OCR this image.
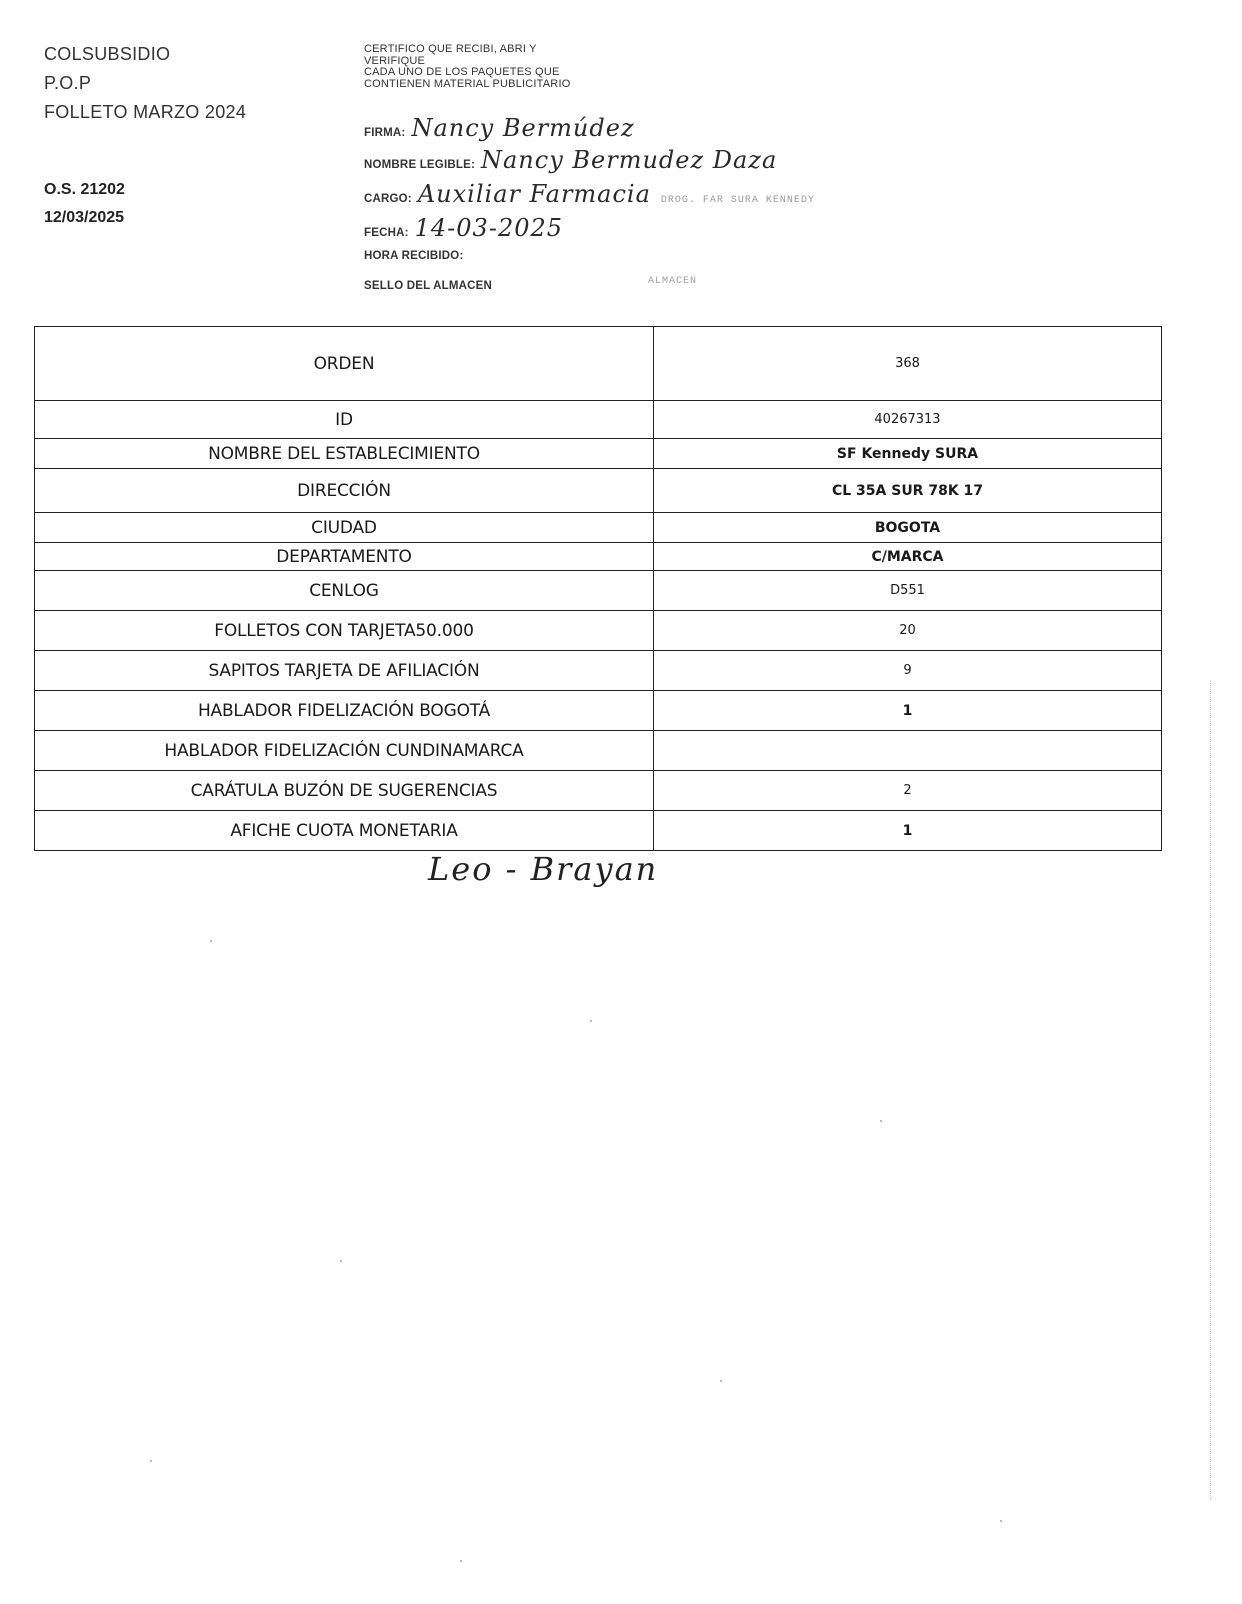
COLSUBSIDIO
P.O.P
FOLLETO MARZO 2024
O.S. 21202
12/03/2025
CERTIFICO QUE RECIBI, ABRI Y
VERIFIQUE
CADA UNO DE LOS PAQUETES QUE
CONTIENEN MATERIAL PUBLICITARIO
FIRMA: Nancy Bermúdez
NOMBRE LEGIBLE: Nancy Bermudez Daza
CARGO: Auxiliar Farmacia DROG. FAR SURA KENNEDY
FECHA: 14-03-2025
HORA RECIBIDO:
SELLO DEL ALMACEN	ALMACEN
ORDEN	368
ID	40267313
NOMBRE DEL ESTABLECIMIENTO	SF Kennedy SURA
DIRECCIÓN	CL 35A SUR 78K 17
CIUDAD	BOGOTA
DEPARTAMENTO	C/MARCA
CENLOG	D551
FOLLETOS CON TARJETA50.000	20
SAPITOS TARJETA DE AFILIACIÓN	9
HABLADOR FIDELIZACIÓN BOGOTÁ	1
HABLADOR FIDELIZACIÓN CUNDINAMARCA	
CARÁTULA BUZÓN DE SUGERENCIAS	2
AFICHE CUOTA MONETARIA	1
Leo - Brayan
